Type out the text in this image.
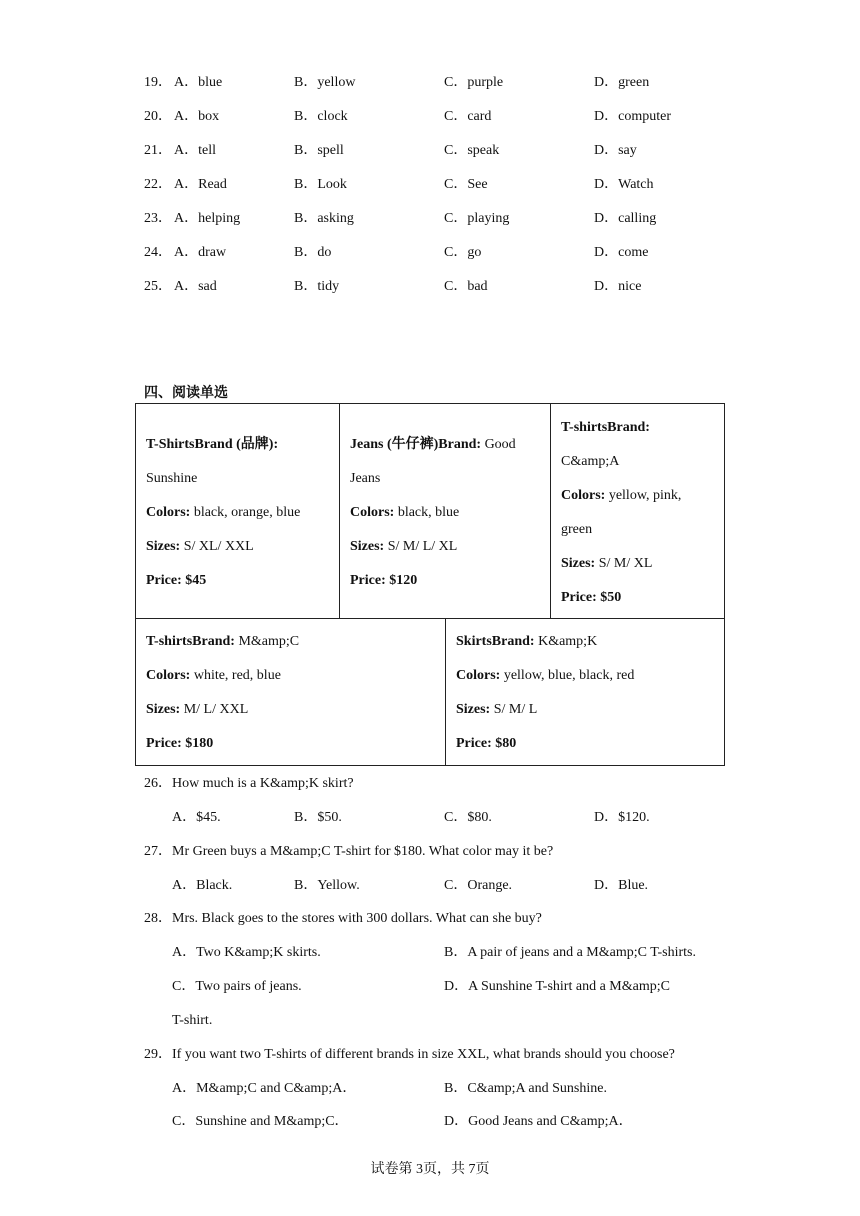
19． A．blue	B．yellow	C．purple	D．green
20． A．box	B．clock	C．card	D．computer
21． A．tell	B．spell	C．speak	D．say
22． A．Read	B．Look	C．See	D．Watch
23． A．helping	B．asking	C．playing	D．calling
24． A．draw	B．do	C．go	D．come
25． A．sad	B．tidy	C．bad	D．nice
四、阅读单选
T-ShirtsBrand (品牌):
Sunshine
Colors: black, orange, blue
Sizes: S/ XL/ XXL
Price: $45
Jeans (牛仔裤)Brand: Good
Jeans
Colors: black, blue
Sizes: S/ M/ L/ XL
Price: $120
T-shirtsBrand:
C&amp;A
Colors: yellow, pink,
green
Sizes: S/ M/ XL
Price: $50
T-shirtsBrand: M&amp;C
Colors: white, red, blue
Sizes: M/ L/ XXL
Price: $180
SkirtsBrand: K&amp;K
Colors: yellow, blue, black, red
Sizes: S/ M/ L
Price: $80
26．How much is a K&amp;K skirt?
A．$45.	B．$50.	C．$80.	D．$120.
27．Mr Green buys a M&amp;C T-shirt for $180. What color may it be?
A．Black.	B．Yellow.	C．Orange.	D．Blue.
28．Mrs. Black goes to the stores with 300 dollars. What can she buy?
A．Two K&amp;K skirts.	B．A pair of jeans and a M&amp;C T-shirts.
C．Two pairs of jeans.	D．A Sunshine T-shirt and a M&amp;C
T-shirt.
29．If you want two T-shirts of different brands in size XXL, what brands should you choose?
A．M&amp;C and C&amp;A．	B．C&amp;A and Sunshine.
C．Sunshine and M&amp;C．	D．Good Jeans and C&amp;A．
试卷第 3页，共 7页
